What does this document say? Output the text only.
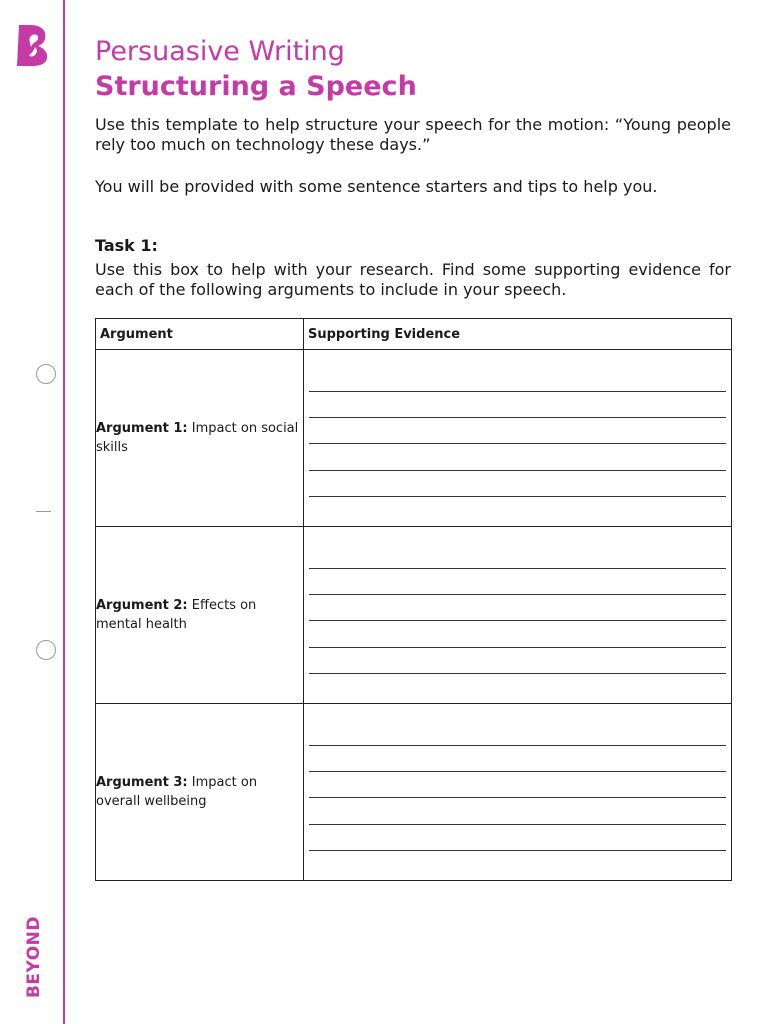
BEYOND
Persuasive Writing
Structuring a Speech

Use this template to help structure your speech for the motion: “Young people rely too much on technology these days.”

You will be provided with some sentence starters and tips to help you.

Task 1:

Use this box to help with your research. Find some supporting evidence for each of the following arguments to include in your speech.

Argument	Supporting Evidence
Argument 1: Impact on social skills	

Argument 2: Effects on mental health	

Argument 3: Impact on overall wellbeing	
